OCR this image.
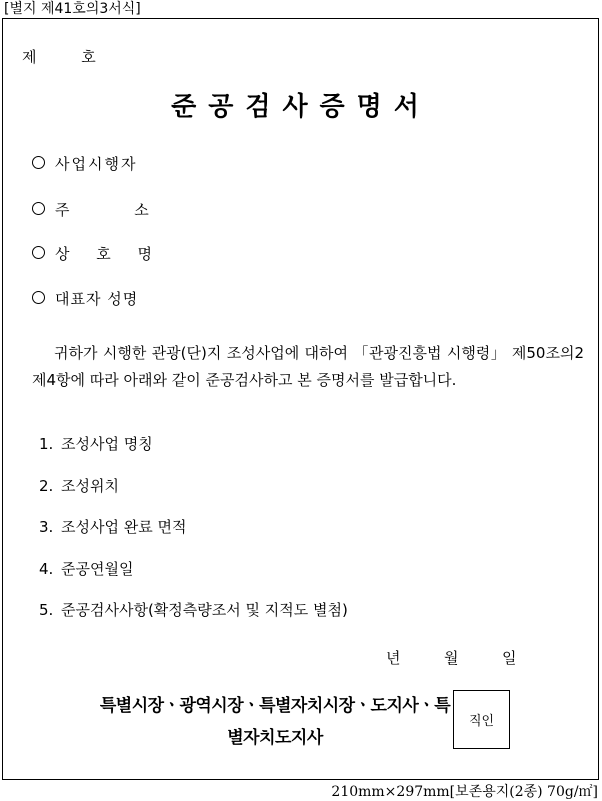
[별지 제41호의3서식]
제 호
준공검사증명서
사업시행자
주 소
상 호 명
대표자 성명
귀하가 시행한 관광(단)지 조성사업에 대하여 「관광진흥법 시행령」 제50조의2제4항에 따라 아래와 같이 준공검사하고 본 증명서를 발급합니다.
1. 조성사업 명칭
2. 조성위치
3. 조성사업 완료 면적
4. 준공연월일
5. 준공검사사항(확정측량조서 및 지적도 별첨)
년	월	일
특별시장ㆍ광역시장ㆍ특별자치시장ㆍ도지사ㆍ특
별자치도지사
직인
210mm×297mm[보존용지(2종) 70g/㎡]
